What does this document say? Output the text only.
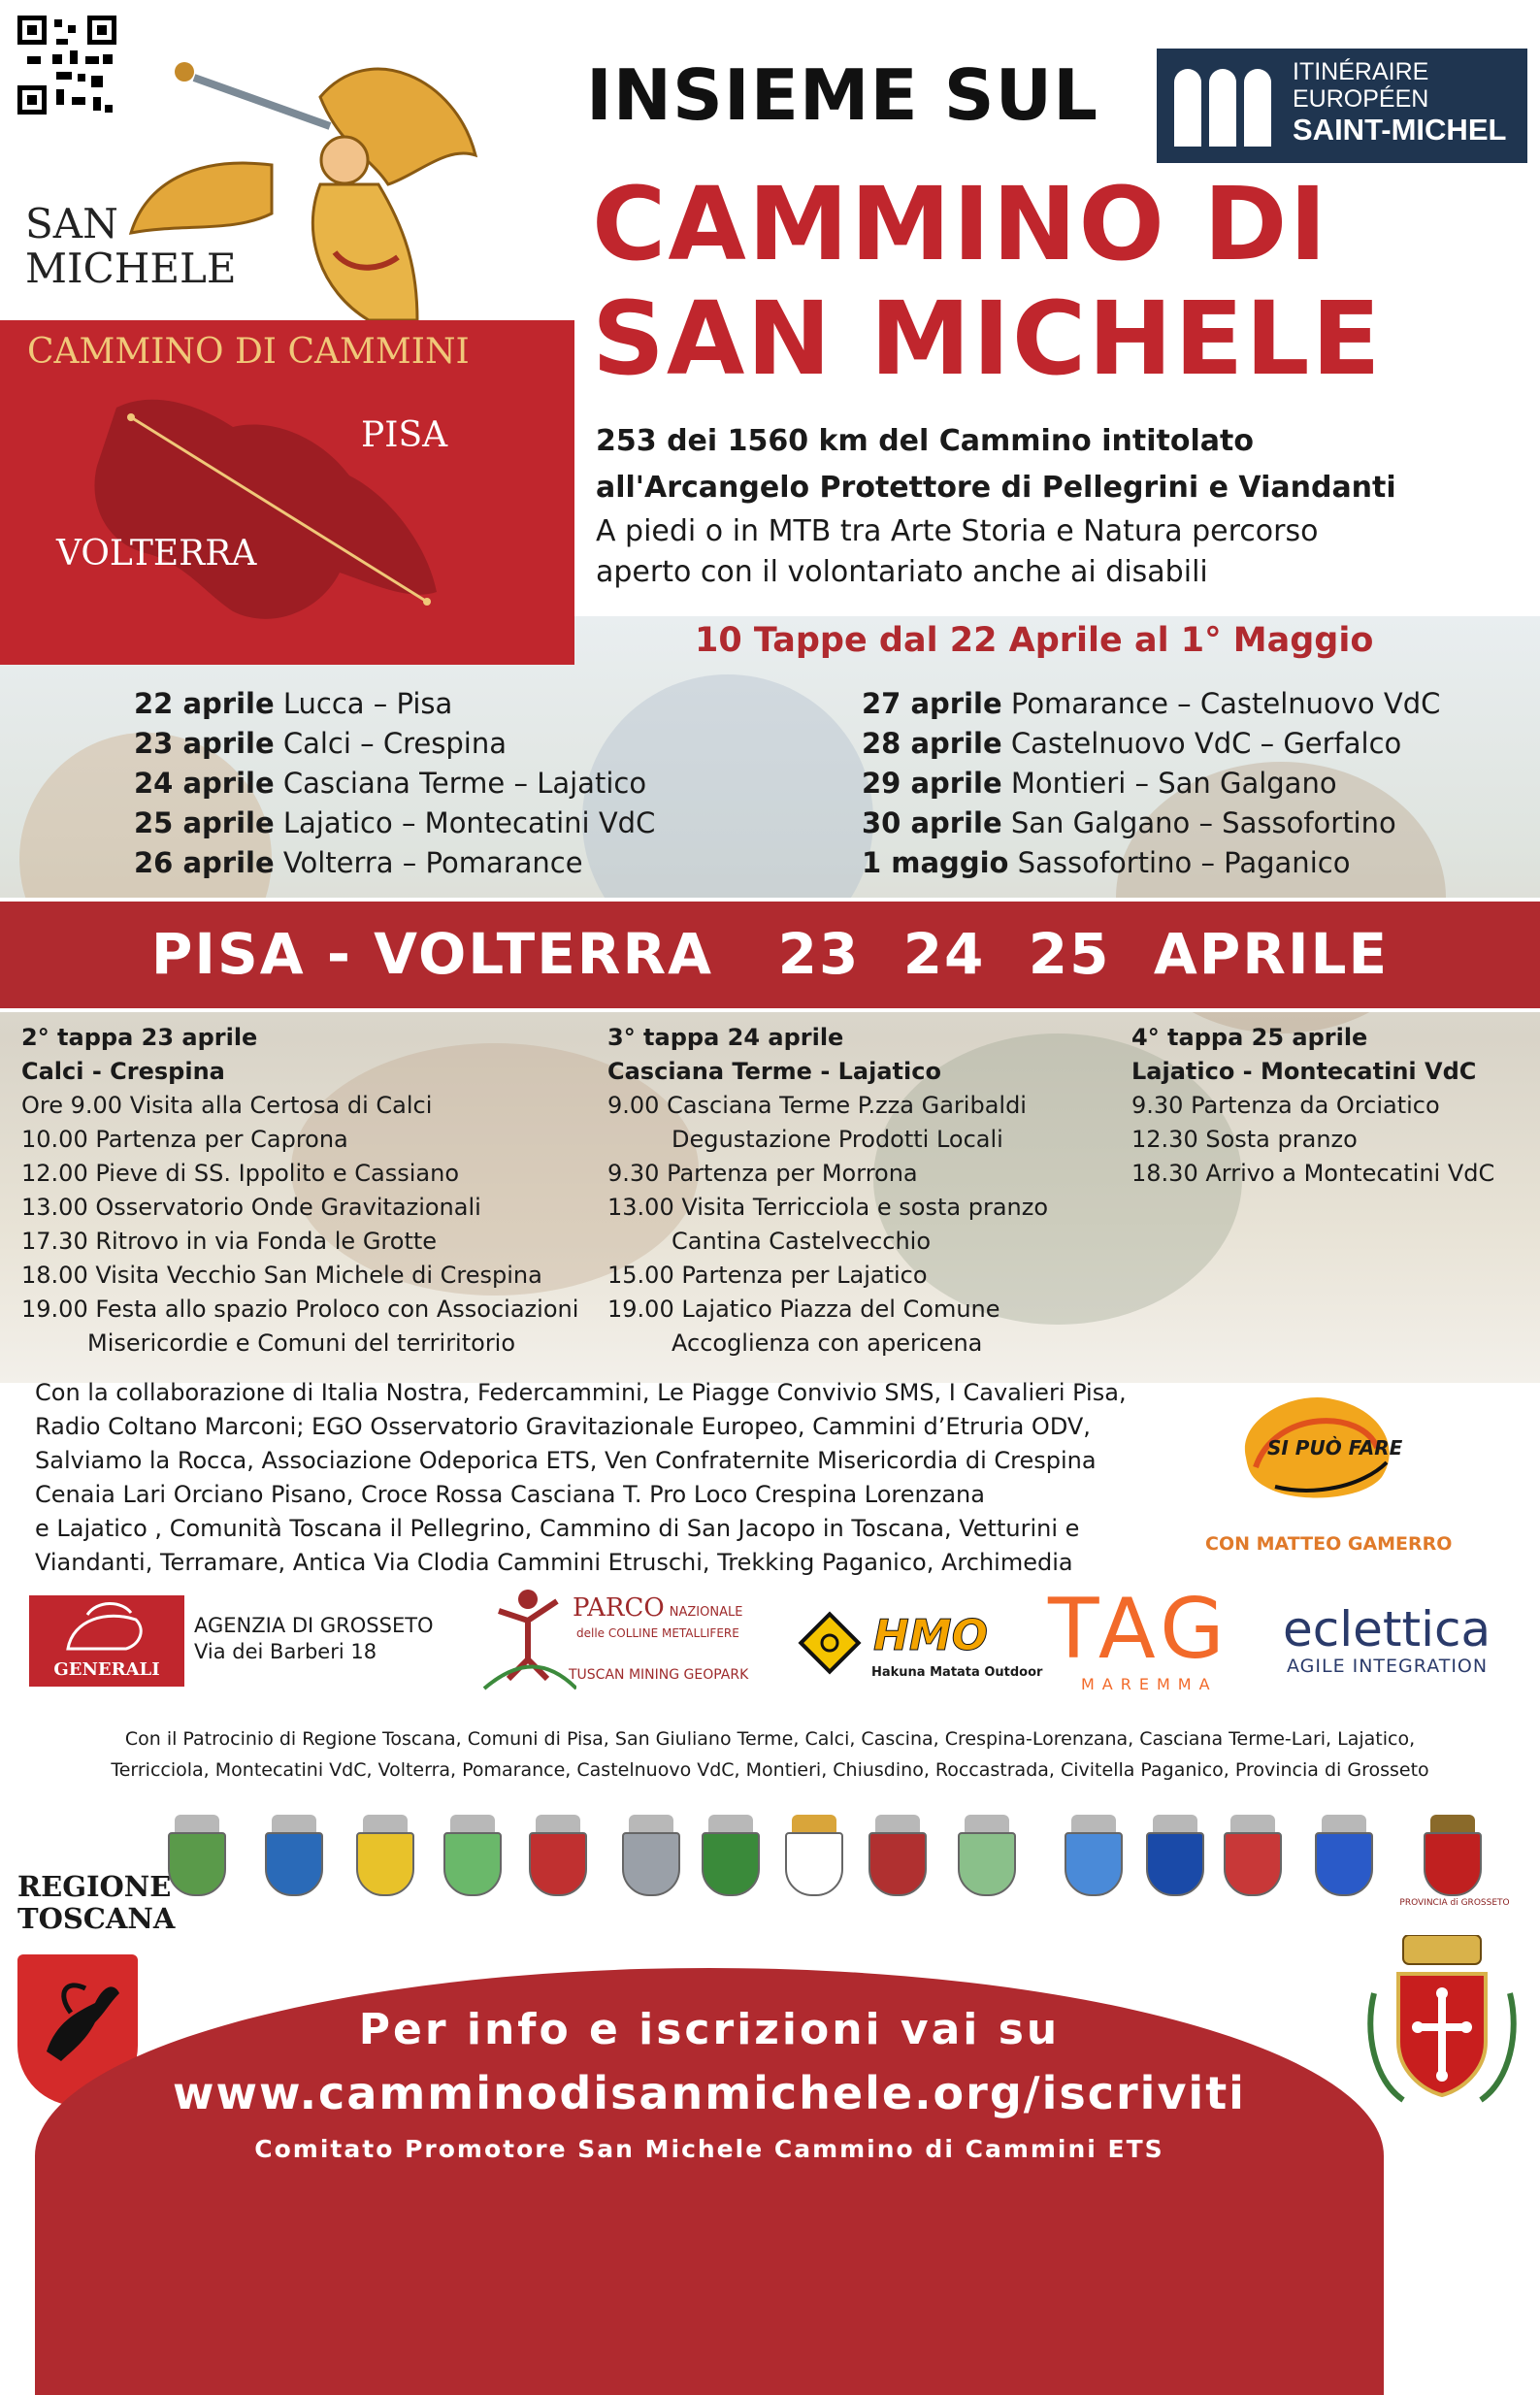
SAN
MICHELE
CAMMINO DI CAMMINI
PISA
VOLTERRA
INSIEME SUL	ITINÉRAIRE
EUROPÉEN
SAINT-MICHEL
CAMMINO DI
SAN MICHELE
253 dei 1560 km del Cammino intitolato
all'Arcangelo Protettore di Pellegrini e Viandanti
A piedi o in MTB tra Arte Storia e Natura percorso
aperto con il volontariato anche ai disabili
10 Tappe dal 22 Aprile al 1° Maggio
22 aprile Lucca – Pisa
23 aprile Calci – Crespina
24 aprile Casciana Terme – Lajatico
25 aprile Lajatico – Montecatini VdC
26 aprile Volterra – Pomarance
27 aprile Pomarance – Castelnuovo VdC
28 aprile Castelnuovo VdC – Gerfalco
29 aprile Montieri – San Galgano
30 aprile San Galgano – Sassofortino
1 maggio Sassofortino – Paganico
PISA - VOLTERRA   23  24  25  APRILE
2° tappa 23 aprile
Calci - Crespina
Ore 9.00 Visita alla Certosa di Calci
10.00 Partenza per Caprona
12.00 Pieve di SS. Ippolito e Cassiano
13.00 Osservatorio Onde Gravitazionali
17.30 Ritrovo in via Fonda le Grotte
18.00 Visita Vecchio San Michele di Crespina
19.00 Festa allo spazio Proloco con Associazioni
Misericordie e Comuni del terriritorio
3° tappa 24 aprile
Casciana Terme - Lajatico
9.00 Casciana Terme P.zza Garibaldi
Degustazione Prodotti Locali
9.30 Partenza per Morrona
13.00 Visita Terricciola e sosta pranzo
Cantina Castelvecchio
15.00 Partenza per Lajatico
19.00 Lajatico Piazza del Comune
Accoglienza con apericena
4° tappa 25 aprile
Lajatico - Montecatini VdC
9.30 Partenza da Orciatico
12.30 Sosta pranzo
18.30 Arrivo a Montecatini VdC
Con la collaborazione di Italia Nostra, Federcammini, Le Piagge Convivio SMS, I Cavalieri Pisa,
Radio Coltano Marconi; EGO Osservatorio Gravitazionale Europeo, Cammini d’Etruria ODV,
Salviamo la Rocca, Associazione Odeporica ETS, Ven Confraternite Misericordia di Crespina
Cenaia Lari Orciano Pisano, Croce Rossa Casciana T. Pro Loco Crespina Lorenzana
e Lajatico , Comunità Toscana il Pellegrino, Cammino di San Jacopo in Toscana, Vetturini e
Viandanti, Terramare, Antica Via Clodia Cammini Etruschi, Trekking Paganico, Archimedia
SI PUÒ FARE
CON MATTEO GAMERRO
GENERALI
AGENZIA DI GROSSETO
Via dei Barberi 18
PARCO NAZIONALE
delle COLLINE METALLIFERE
TUSCAN MINING GEOPARK
HMO
Hakuna Matata Outdoor TAG
MAREMMA
eclettica
AGILE INTEGRATION
Con il Patrocinio di Regione Toscana, Comuni di Pisa, San Giuliano Terme, Calci, Cascina, Crespina-Lorenzana, Casciana Terme-Lari, Lajatico,
Terricciola, Montecatini VdC, Volterra, Pomarance, Castelnuovo VdC, Montieri, Chiusdino, Roccastrada, Civitella Paganico, Provincia di Grosseto
REGIONE
TOSCANA	PROVINCIA di GROSSETO
Per info e iscrizioni vai su
www.camminodisanmichele.org/iscriviti
Comitato Promotore San Michele Cammino di Cammini ETS
